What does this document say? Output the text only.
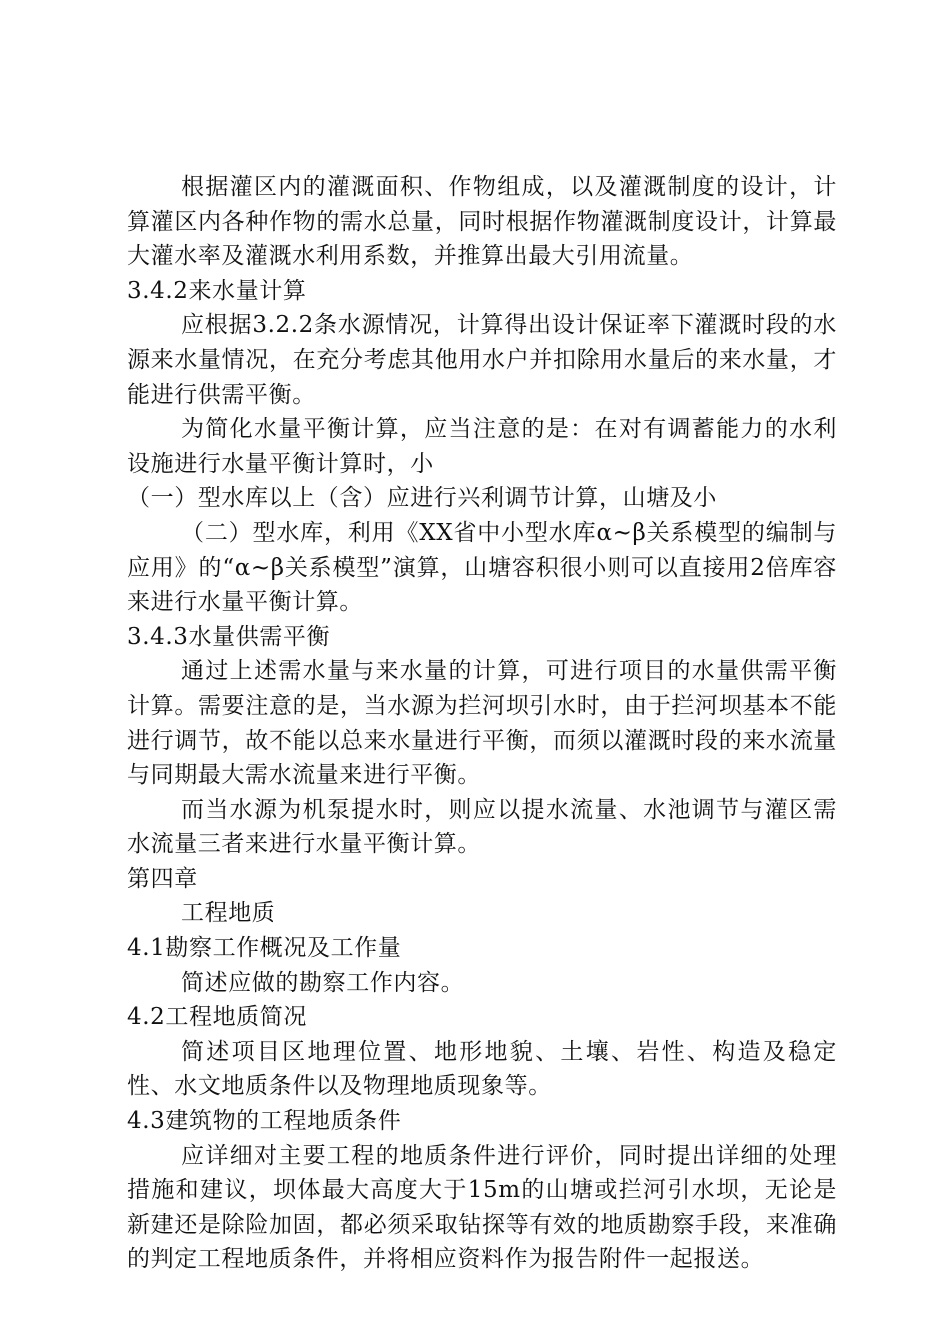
根据灌区内的灌溉面积、作物组成，以及灌溉制度的设计，计算灌区内各种作物的需水总量，同时根据作物灌溉制度设计，计算最大灌水率及灌溉水利用系数，并推算出最大引用流量。

3.4.2来水量计算

应根据3.2.2条水源情况，计算得出设计保证率下灌溉时段的水源来水量情况，在充分考虑其他用水户并扣除用水量后的来水量，才能进行供需平衡。

为简化水量平衡计算，应当注意的是：在对有调蓄能力的水利设施进行水量平衡计算时，小

（一）型水库以上（含）应进行兴利调节计算，山塘及小

（二）型水库，利用《XX省中小型水库α~β关系模型的编制与应用》的“α~β关系模型”演算，山塘容积很小则可以直接用2倍库容来进行水量平衡计算。

3.4.3水量供需平衡

通过上述需水量与来水量的计算，可进行项目的水量供需平衡计算。需要注意的是，当水源为拦河坝引水时，由于拦河坝基本不能进行调节，故不能以总来水量进行平衡，而须以灌溉时段的来水流量与同期最大需水流量来进行平衡。

而当水源为机泵提水时，则应以提水流量、水池调节与灌区需水流量三者来进行水量平衡计算。

第四章

工程地质

4.1勘察工作概况及工作量

简述应做的勘察工作内容。

4.2工程地质简况

简述项目区地理位置、地形地貌、土壤、岩性、构造及稳定性、水文地质条件以及物理地质现象等。

4.3建筑物的工程地质条件

应详细对主要工程的地质条件进行评价，同时提出详细的处理措施和建议，坝体最大高度大于15m的山塘或拦河引水坝，无论是新建还是除险加固，都必须采取钻探等有效的地质勘察手段，来准确的判定工程地质条件，并将相应资料作为报告附件一起报送。
